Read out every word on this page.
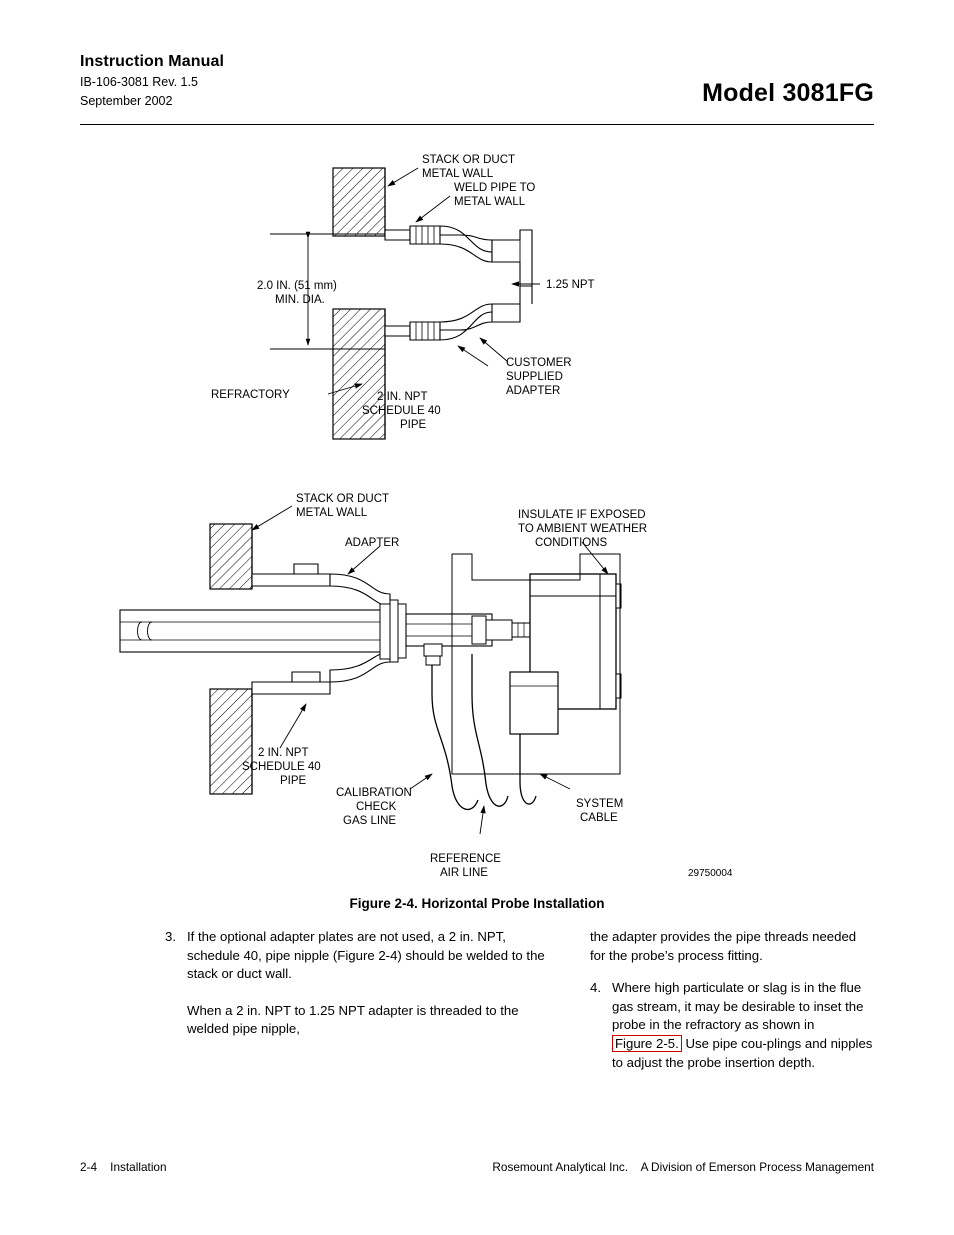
Instruction Manual
IB-106-3081 Rev. 1.5
September 2002	Model 3081FG
STACK OR DUCT
METAL WALL
WELD PIPE TO
METAL WALL
1.25 NPT
2.0 IN. (51 mm)
MIN. DIA.
REFRACTORY
CUSTOMER
SUPPLIED
ADAPTER
2 IN. NPT
SCHEDULE 40
PIPE
STACK OR DUCT
METAL WALL
ADAPTER
INSULATE IF EXPOSED
TO AMBIENT WEATHER
CONDITIONS
2 IN. NPT
SCHEDULE 40
PIPE
CALIBRATION
CHECK
GAS LINE
REFERENCE
AIR LINE
SYSTEM
CABLE
29750004
Figure 2-4. Horizontal Probe Installation
3. If the optional adapter plates are not used, a 2 in. NPT, schedule 40, pipe nipple (Figure 2-4) should be welded to the stack or duct wall.
When a 2 in. NPT to 1.25 NPT adapter is threaded to the welded pipe nipple,
the adapter provides the pipe threads needed for the probe’s process fitting.
4. Where high particulate or slag is in the flue gas stream, it may be desirable to inset the probe in the refractory as shown in Figure 2-5. Use pipe cou-plings and nipples to adjust the probe insertion depth.
2-4    Installation	Rosemount Analytical Inc.    A Division of Emerson Process Management
